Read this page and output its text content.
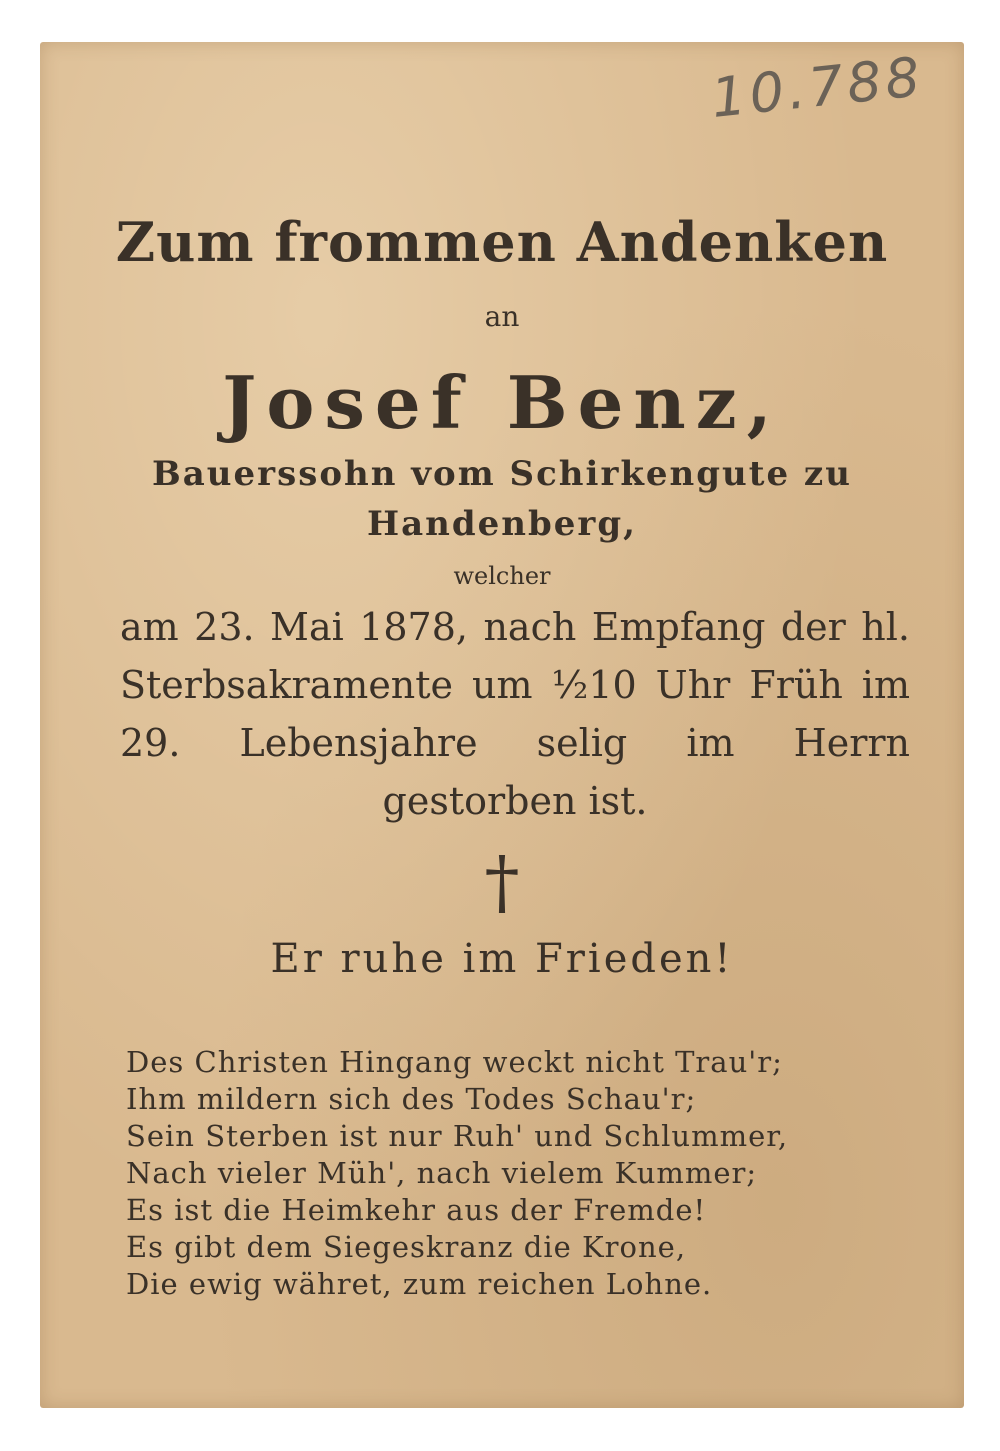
10.788
Zum frommen Andenken
an
Josef Benz,
Bauerssohn vom Schirkengute zu
Handenberg,
welcher
am 23. Mai 1878, nach Empfang der hl. Sterbsakramente um ½10 Uhr Früh im 29. Lebensjahre selig im Herrn gestorben ist.
†
Er ruhe im Frieden!
Des Christen Hingang weckt nicht Trau'r;
Ihm mildern sich des Todes Schau'r;
Sein Sterben ist nur Ruh' und Schlummer,
Nach vieler Müh', nach vielem Kummer;
Es ist die Heimkehr aus der Fremde!
Es gibt dem Siegeskranz die Krone,
Die ewig währet, zum reichen Lohne.
